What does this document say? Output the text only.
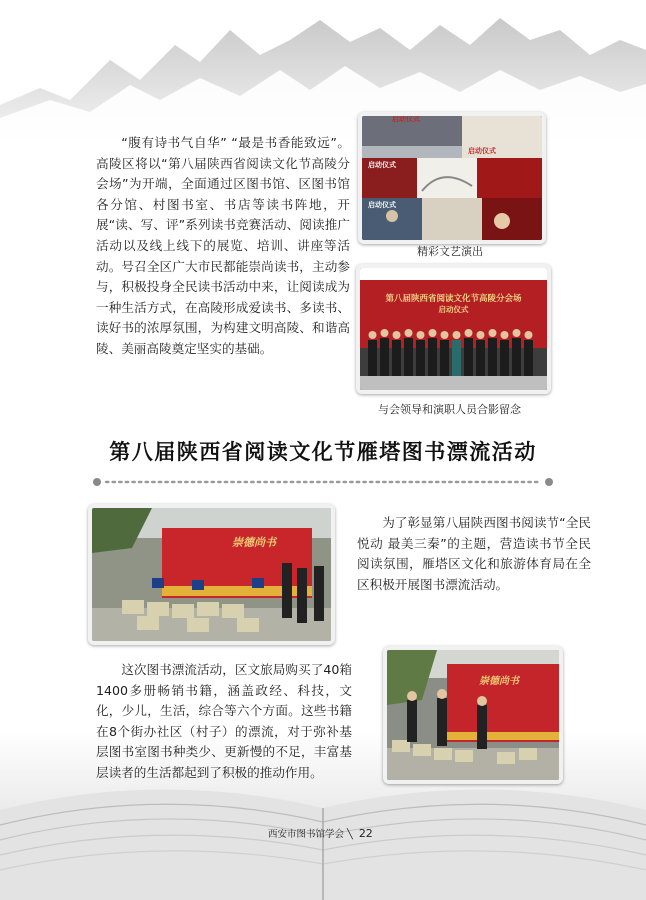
“腹有诗书气自华” “最是书香能致远”。高陵区将以“第八届陕西省阅读文化节高陵分会场”为开端，全面通过区图书馆、区图书馆各分馆、村图书室、书店等读书阵地，开展“读、写、评”系列读书竞赛活动、阅读推广活动以及线上线下的展览、培训、讲座等活动。号召全区广大市民都能崇尚读书，主动参与，积极投身全民读书活动中来，让阅读成为一种生活方式，在高陵形成爱读书、多读书、读好书的浓厚氛围，为构建文明高陵、和谐高陵、美丽高陵奠定坚实的基础。

启动仪式
启动仪式
启动仪式
启动仪式
精彩文艺演出
第八届陕西省阅读文化节高陵分会场
启动仪式
与会领导和演职人员合影留念
第八届陕西省阅读文化节雁塔图书漂流活动
崇德尚书

为了彰显第八届陕西图书阅读节“全民悦动 最美三秦”的主题，营造读书节全民阅读氛围，雁塔区文化和旅游体育局在全区积极开展图书漂流活动。

这次图书漂流活动，区文旅局购买了40箱1400多册畅销书籍，涵盖政经、科技，文化，少儿，生活，综合等六个方面。这些书籍在8个街办社区（村子）的漂流，对于弥补基层图书室图书种类少、更新慢的不足，丰富基层读者的生活都起到了积极的推动作用。

崇德尚书
西安市图书馆学会 ╲ 22
